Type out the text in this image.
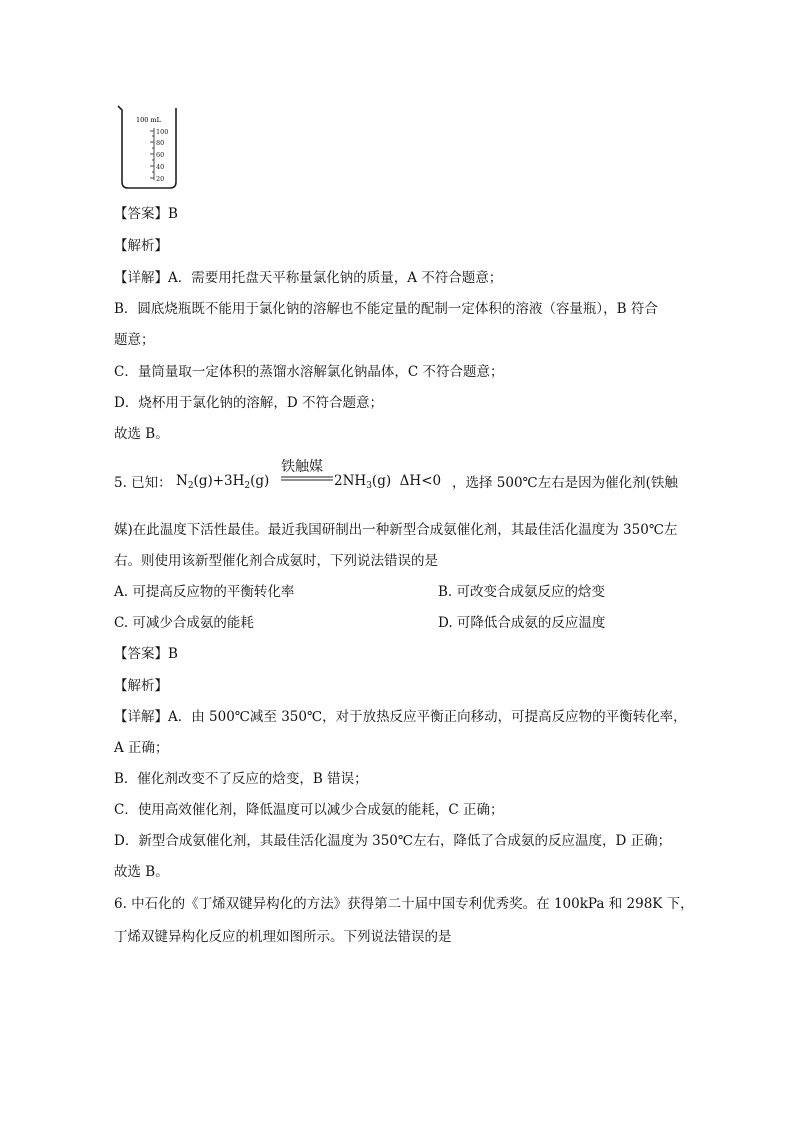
100 mL
100
80
60
40
20
【答案】B
【解析】
【详解】A．需要用托盘天平称量氯化钠的质量，A 不符合题意；
B．圆底烧瓶既不能用于氯化钠的溶解也不能定量的配制一定体积的溶液（容量瓶），B 符合
题意；
C．量筒量取一定体积的蒸馏水溶解氯化钠晶体，C 不符合题意；
D．烧杯用于氯化钠的溶解，D 不符合题意；
故选 B。
5. 已知：
铁触媒
$N_2(g)+3H_2(g)$	$2NH_3(g)$  ΔH<0 ，选择 500℃左右是因为催化剂(铁触
媒)在此温度下活性最佳。最近我国研制出一种新型合成氨催化剂，其最佳活化温度为 350℃左
右。则使用该新型催化剂合成氨时，下列说法错误的是
A. 可提高反应物的平衡转化率	B. 可改变合成氨反应的焓变
C. 可减少合成氨的能耗	D. 可降低合成氨的反应温度
【答案】B
【解析】
【详解】A．由 500℃减至 350℃，对于放热反应平衡正向移动，可提高反应物的平衡转化率，
A 正确；
B．催化剂改变不了反应的焓变，B 错误；
C．使用高效催化剂，降低温度可以减少合成氨的能耗，C 正确；
D．新型合成氨催化剂，其最佳活化温度为 350℃左右，降低了合成氨的反应温度，D 正确；
故选 B。
6. 中石化的《丁烯双键异构化的方法》获得第二十届中国专利优秀奖。在 100kPa 和 298K 下，
丁烯双键异构化反应的机理如图所示。下列说法错误的是
